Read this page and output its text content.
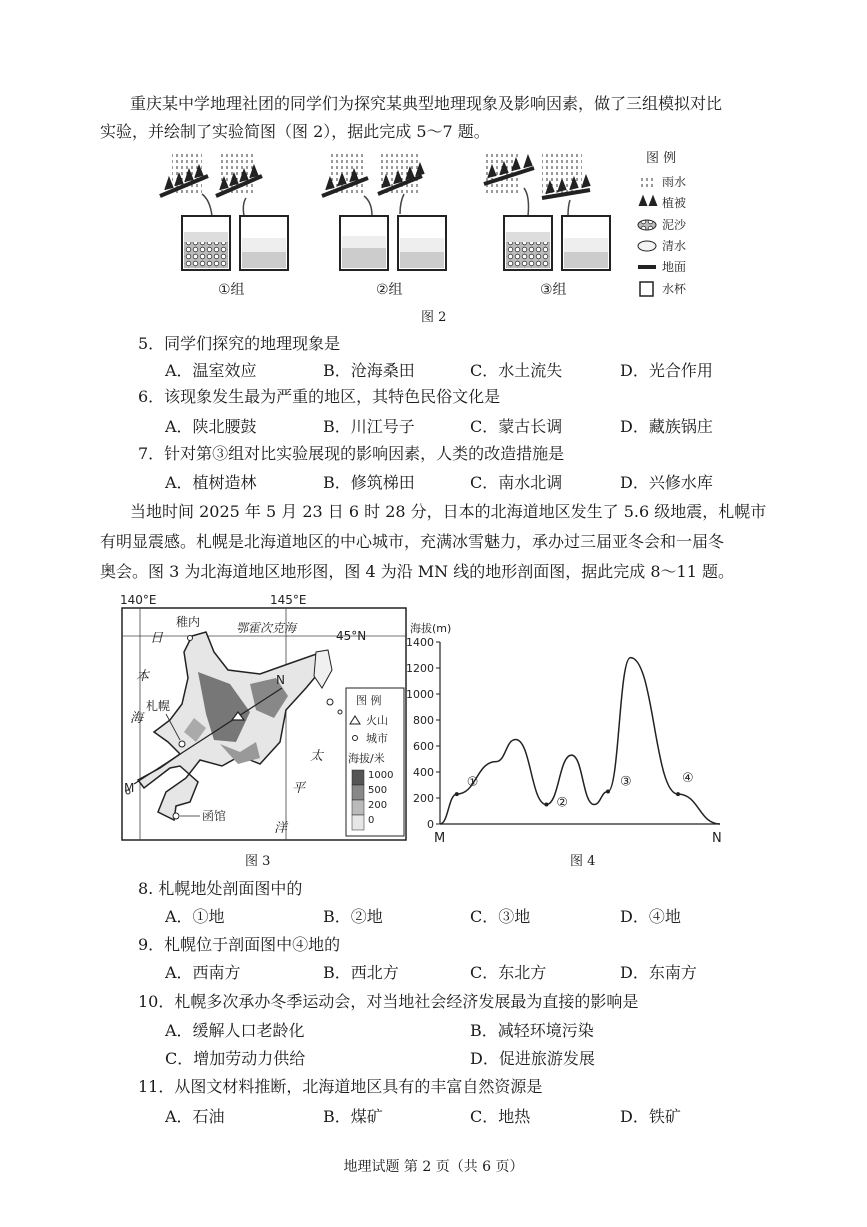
重庆某中学地理社团的同学们为探究某典型地理现象及影响因素，做了三组模拟对比
实验，并绘制了实验简图（图 2），据此完成 5～7 题。
图 例
雨水
植被
泥沙
清水
地面
水杯
①组	②组	③组
图 2
5．同学们探究的地理现象是
A．温室效应	B．沧海桑田	C．水土流失	D．光合作用
6．该现象发生最为严重的地区，其特色民俗文化是
A．陕北腰鼓	B．川江号子	C．蒙古长调	D．藏族锅庄
7．针对第③组对比实验展现的影响因素，人类的改造措施是
A．植树造林	B．修筑梯田	C．南水北调	D．兴修水库
当地时间 2025 年 5 月 23 日 6 时 28 分，日本的北海道地区发生了 5.6 级地震，札幌市
有明显震感。札幌是北海道地区的中心城市，充满冰雪魅力，承办过三届亚冬会和一届冬
奥会。图 3 为北海道地区地形图，图 4 为沿 MN 线的地形剖面图，据此完成 8～11 题。
140°E	145°E
45°N
稚内	鄂霍次克海
札幌
函馆
N
M
日
本
海
太
平
洋
图 例
火山
城市
海拔/米
1000
500
200
0
图 3
海拔(m)
1400
1200
1000
800
600
400
200
0
M	N
①
②
③	④
图 4
8. 札幌地处剖面图中的
A．①地	B．②地	C．③地	D．④地
9．札幌位于剖面图中④地的
A．西南方	B．西北方	C．东北方	D．东南方
10．札幌多次承办冬季运动会，对当地社会经济发展最为直接的影响是
A．缓解人口老龄化	B．减轻环境污染
C．增加劳动力供给	D．促进旅游发展
11．从图文材料推断，北海道地区具有的丰富自然资源是
A．石油	B．煤矿	C．地热	D．铁矿
地理试题 第 2 页（共 6 页）
